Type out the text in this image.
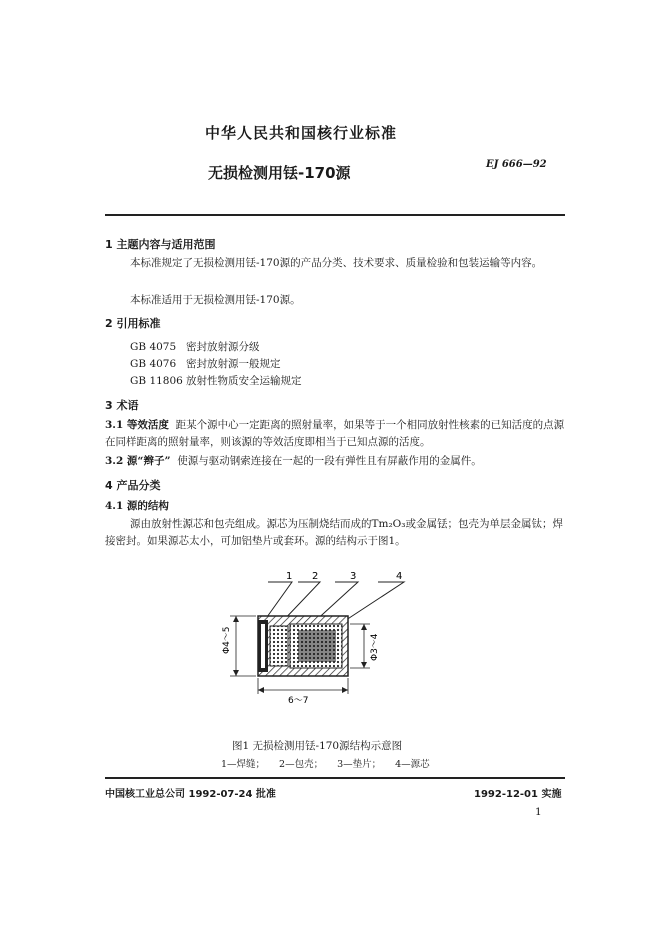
中华人民共和国核行业标准
无损检测用铥-170源	EJ 666—92
1 主题内容与适用范围
本标准规定了无损检测用铥-170源的产品分类、技术要求、质量检验和包装运输等内容。
本标准适用于无损检测用铥-170源。
2 引用标准
GB 4075 密封放射源分级
GB 4076 密封放射源一般规定
GB 11806 放射性物质安全运输规定
3 术语
3.1 等效活度 距某个源中心一定距离的照射量率，如果等于一个相同放射性核素的已知活度的点源在同样距离的照射量率，则该源的等效活度即相当于已知点源的活度。
3.2 源“辫子” 使源与驱动钢索连接在一起的一段有弹性且有屏蔽作用的金属件。
4 产品分类
4.1 源的结构
源由放射性源芯和包壳组成。源芯为压制烧结而成的Tm₂O₃或金属铥；包壳为单层金属钛；焊接密封。如果源芯太小，可加铝垫片或套环。源的结构示于图1。
1 2	3	4
Φ4～5	Φ3～4
6～7
图1 无损检测用铥-170源结构示意图
1—焊缝； 2—包壳； 3—垫片； 4—源芯
中国核工业总公司 1992-07-24 批准	1992-12-01 实施
1
